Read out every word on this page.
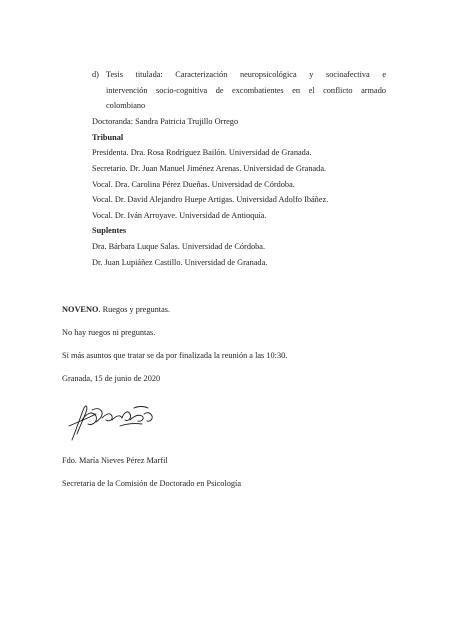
d) Tesis titulada: Caracterización neuropsicológica y socioafectiva e
intervención socio-cognitiva de excombatientes en el conflicto armado
colombiano
Doctoranda: Sandra Patricia Trujillo Orrego
Tribunal
Presidenta. Dra. Rosa Rodríguez Bailón. Universidad de Granada.
Secretario. Dr. Juan Manuel Jiménez Arenas. Universidad de Granada.
Vocal. Dra. Carolina Pérez Dueñas. Universidad de Córdoba.
Vocal. Dr. David Alejandro Huepe Artigas. Universidad Adolfo Ibáñez.
Vocal. Dr. Iván Arroyave. Universidad de Antioquía.
Suplentes
Dra. Bárbara Luque Salas. Universidad de Córdoba.
Dr. Juan Lupiáñez Castillo. Universidad de Granada.
NOVENO. Ruegos y preguntas.
No hay ruegos ni preguntas.
Si más asuntos que tratar se da por finalizada la reunión a las 10:30.
Granada, 15 de junio de 2020
Fdo. María Nieves Pérez Marfil
Secretaria de la Comisión de Doctorado en Psicología
